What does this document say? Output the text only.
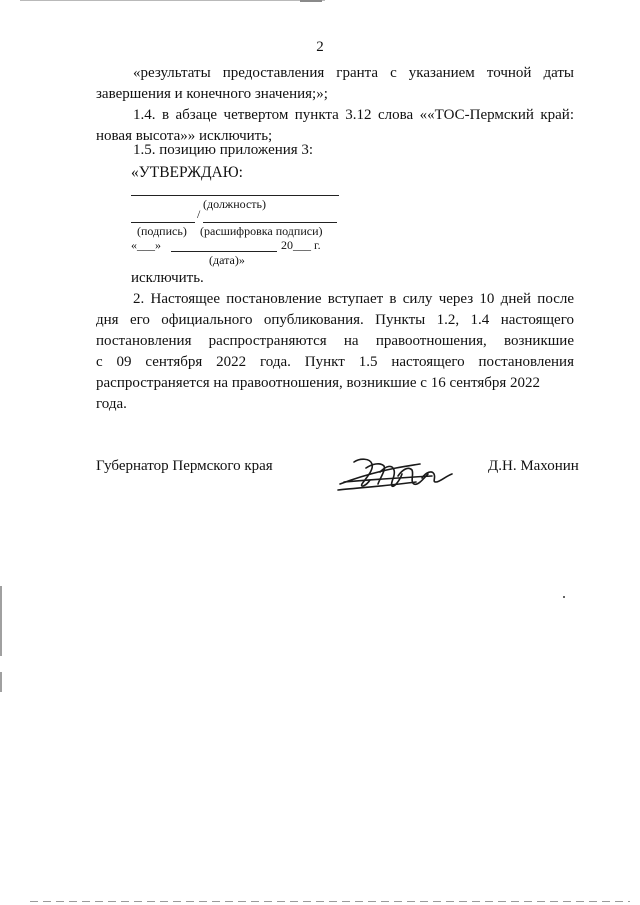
2
«результаты предоставления гранта с указанием точной даты
завершения и конечного значения;»;
1.4. в абзаце четвертом пункта 3.12 слова ««ТОС-Пермский край:
новая высота»» исключить;
1.5. позицию приложения 3:
«УТВЕРЖДАЮ:
(должность)
/
(подпись) (расшифровка подписи)
«___»	20___ г.
(дата)»
исключить.
2. Настоящее постановление вступает в силу через 10 дней после
дня его официального опубликования. Пункты 1.2, 1.4 настоящего
постановления распространяются на правоотношения, возникшие
с 09 сентября 2022 года. Пункт 1.5 настоящего постановления
распространяется на правоотношения, возникшие с 16 сентября 2022 года.
Губернатор Пермского края	Д.Н. Махонин
